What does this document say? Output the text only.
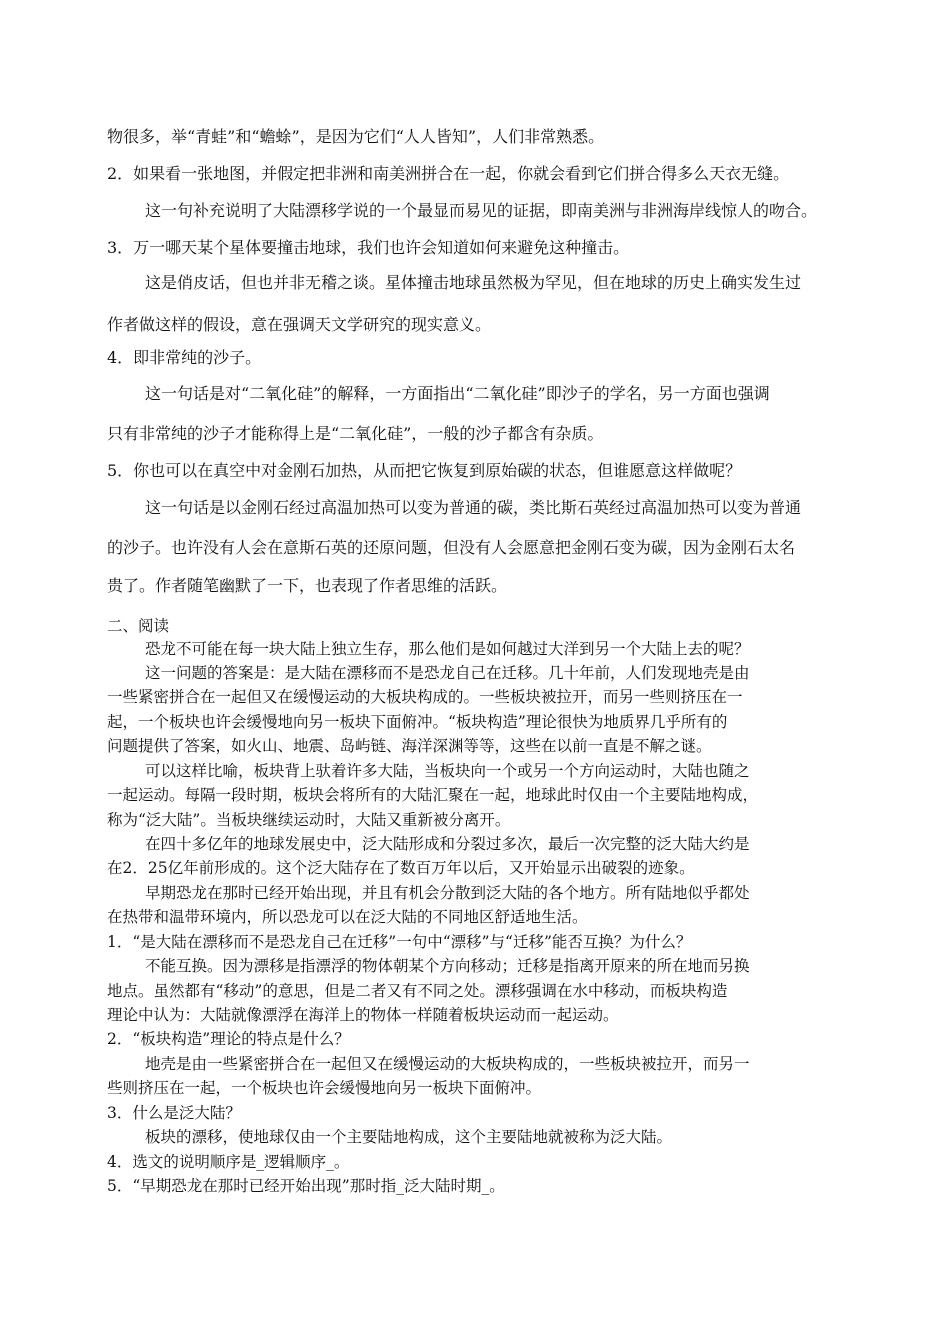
物很多，举“青蛙”和“蟾蜍”，是因为它们“人人皆知”，人们非常熟悉。
2．如果看一张地图，并假定把非洲和南美洲拼合在一起，你就会看到它们拼合得多么天衣无缝。
这一句补充说明了大陆漂移学说的一个最显而易见的证据，即南美洲与非洲海岸线惊人的吻合。
3．万一哪天某个星体要撞击地球，我们也许会知道如何来避免这种撞击。
这是俏皮话，但也并非无稽之谈。星体撞击地球虽然极为罕见，但在地球的历史上确实发生过
作者做这样的假设，意在强调天文学研究的现实意义。
4．即非常纯的沙子。
这一句话是对“二氧化硅”的解释，一方面指出“二氧化硅”即沙子的学名，另一方面也强调
只有非常纯的沙子才能称得上是“二氧化硅”，一般的沙子都含有杂质。
5．你也可以在真空中对金刚石加热，从而把它恢复到原始碳的状态，但谁愿意这样做呢？
这一句话是以金刚石经过高温加热可以变为普通的碳，类比斯石英经过高温加热可以变为普通
的沙子。也许没有人会在意斯石英的还原问题，但没有人会愿意把金刚石变为碳，因为金刚石太名
贵了。作者随笔幽默了一下，也表现了作者思维的活跃。
二、阅读
恐龙不可能在每一块大陆上独立生存，那么他们是如何越过大洋到另一个大陆上去的呢？
这一问题的答案是：是大陆在漂移而不是恐龙自己在迁移。几十年前，人们发现地壳是由
一些紧密拼合在一起但又在缓慢运动的大板块构成的。一些板块被拉开，而另一些则挤压在一
起，一个板块也许会缓慢地向另一板块下面俯冲。“板块构造”理论很快为地质界几乎所有的
问题提供了答案，如火山、地震、岛屿链、海洋深渊等等，这些在以前一直是不解之谜。
可以这样比喻，板块背上驮着许多大陆，当板块向一个或另一个方向运动时，大陆也随之
一起运动。每隔一段时期，板块会将所有的大陆汇聚在一起，地球此时仅由一个主要陆地构成，
称为“泛大陆”。当板块继续运动时，大陆又重新被分离开。
在四十多亿年的地球发展史中，泛大陆形成和分裂过多次，最后一次完整的泛大陆大约是
在2．25亿年前形成的。这个泛大陆存在了数百万年以后，又开始显示出破裂的迹象。
早期恐龙在那时已经开始出现，并且有机会分散到泛大陆的各个地方。所有陆地似乎都处
在热带和温带环境内，所以恐龙可以在泛大陆的不同地区舒适地生活。
1．“是大陆在漂移而不是恐龙自己在迁移”一句中“漂移”与“迁移”能否互换？为什么？
不能互换。因为漂移是指漂浮的物体朝某个方向移动；迁移是指离开原来的所在地而另换
地点。虽然都有“移动”的意思，但是二者又有不同之处。漂移强调在水中移动，而板块构造
理论中认为：大陆就像漂浮在海洋上的物体一样随着板块运动而一起运动。
2．“板块构造”理论的特点是什么？
地壳是由一些紧密拼合在一起但又在缓慢运动的大板块构成的，一些板块被拉开，而另一
些则挤压在一起，一个板块也许会缓慢地向另一板块下面俯冲。
3．什么是泛大陆？
板块的漂移，使地球仅由一个主要陆地构成，这个主要陆地就被称为泛大陆。
4．选文的说明顺序是_逻辑顺序_。
5．“早期恐龙在那时已经开始出现”那时指_泛大陆时期_。
